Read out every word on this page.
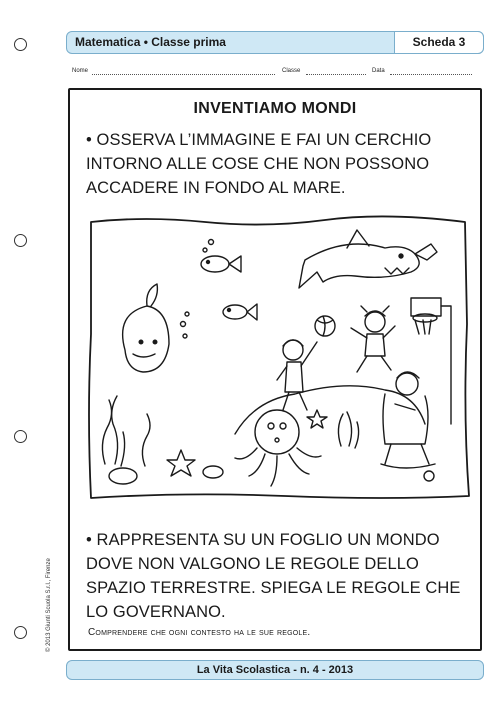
Matematica • Classe prima	Scheda 3
Nome	Classe	Data
INVENTIAMO MONDI
• OSSERVA L’IMMAGINE E FAI UN CERCHIO INTORNO ALLE COSE CHE NON POSSONO ACCADERE IN FONDO AL MARE.
• RAPPRESENTA SU UN FOGLIO UN MONDO DOVE NON VALGONO LE REGOLE DELLO SPAZIO TERRESTRE. SPIEGA LE REGOLE CHE LO GOVERNANO.
Comprendere che ogni contesto ha le sue regole.
© 2013 Giunti Scuola S.r.l., Firenze
La Vita Scolastica - n. 4 - 2013
